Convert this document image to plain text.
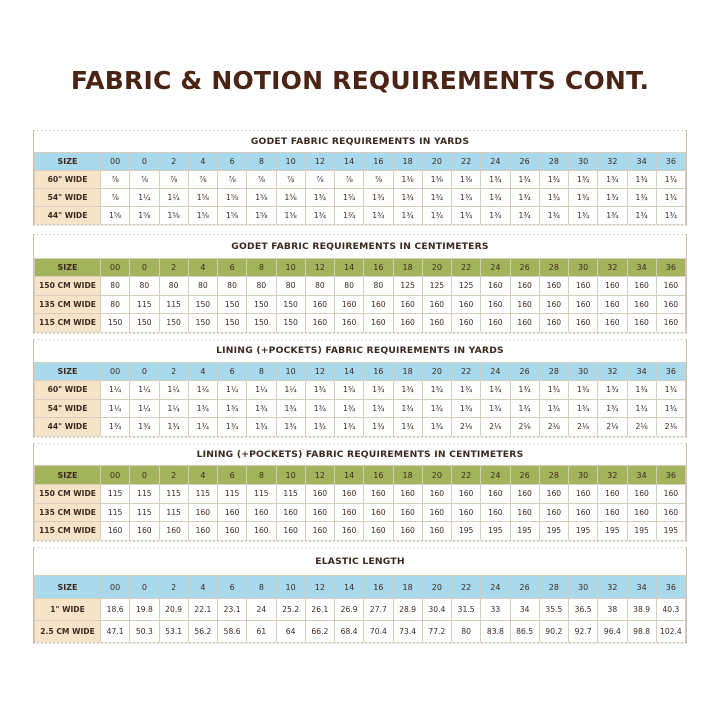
FABRIC & NOTION REQUIREMENTS CONT.
GODET FABRIC REQUIREMENTS IN YARDS
SIZE	00	0	2	4	6	8	10	12	14	16	18	20	22	24	26	28	30	32	34	36
60" WIDE	⅞	⅞	⅞	⅞	⅞	⅞	⅞	⅞	⅞	⅞	1⅜	1⅜	1⅜	1¾	1¾	1¾	1¾	1¾	1¾	1¾
54" WIDE	⅞	1¼	1¼	1⅝	1⅝	1⅝	1⅝	1¾	1¾	1¾	1¾	1¾	1¾	1¾	1¾	1¾	1¾	1¾	1¾	1¾
44" WIDE	1⅝	1⅝	1⅝	1⅝	1⅝	1⅝	1⅝	1¾	1¾	1¾	1¾	1¾	1¾	1¾	1¾	1¾	1¾	1¾	1¾	1¾
GODET FABRIC REQUIREMENTS IN CENTIMETERS
SIZE	00	0	2	4	6	8	10	12	14	16	18	20	22	24	26	28	30	32	34	36
150 CM WIDE	80	80	80	80	80	80	80	80	80	80	125	125	125	160	160	160	160	160	160	160
135 CM WIDE	80	115	115	150	150	150	150	160	160	160	160	160	160	160	160	160	160	160	160	160
115 CM WIDE	150	150	150	150	150	150	150	160	160	160	160	160	160	160	160	160	160	160	160	160
LINING (+POCKETS) FABRIC REQUIREMENTS IN YARDS
SIZE	00	0	2	4	6	8	10	12	14	16	18	20	22	24	26	28	30	32	34	36
60" WIDE	1¼	1¼	1¼	1¼	1¼	1¼	1¼	1¾	1¾	1¾	1¾	1¾	1¾	1¾	1¾	1¾	1¾	1¾	1¾	1¾
54" WIDE	1¼	1¼	1¼	1¾	1¾	1¾	1¾	1¾	1¾	1¾	1¾	1¾	1¾	1¾	1¾	1¾	1¾	1¾	1¾	1¾
44" WIDE	1¾	1¾	1¾	1¾	1¾	1¾	1¾	1¾	1¾	1¾	1¾	1¾	2⅛	2⅛	2⅛	2⅛	2⅛	2⅛	2⅛	2⅛
LINING (+POCKETS) FABRIC REQUIREMENTS IN CENTIMETERS
SIZE	00	0	2	4	6	8	10	12	14	16	18	20	22	24	26	28	30	32	34	36
150 CM WIDE	115	115	115	115	115	115	115	160	160	160	160	160	160	160	160	160	160	160	160	160
135 CM WIDE	115	115	115	160	160	160	160	160	160	160	160	160	160	160	160	160	160	160	160	160
115 CM WIDE	160	160	160	160	160	160	160	160	160	160	160	160	195	195	195	195	195	195	195	195
ELASTIC LENGTH
SIZE	00	0	2	4	6	8	10	12	14	16	18	20	22	24	26	28	30	32	34	36
1" WIDE	18.6	19.8	20.9	22.1	23.1	24	25.2	26.1	26.9	27.7	28.9	30.4	31.5	33	34	35.5	36.5	38	38.9	40.3
2.5 CM WIDE	47.1	50.3	53.1	56.2	58.6	61	64	66.2	68.4	70.4	73.4	77.2	80	83.8	86.5	90.2	92.7	96.4	98.8	102.4
